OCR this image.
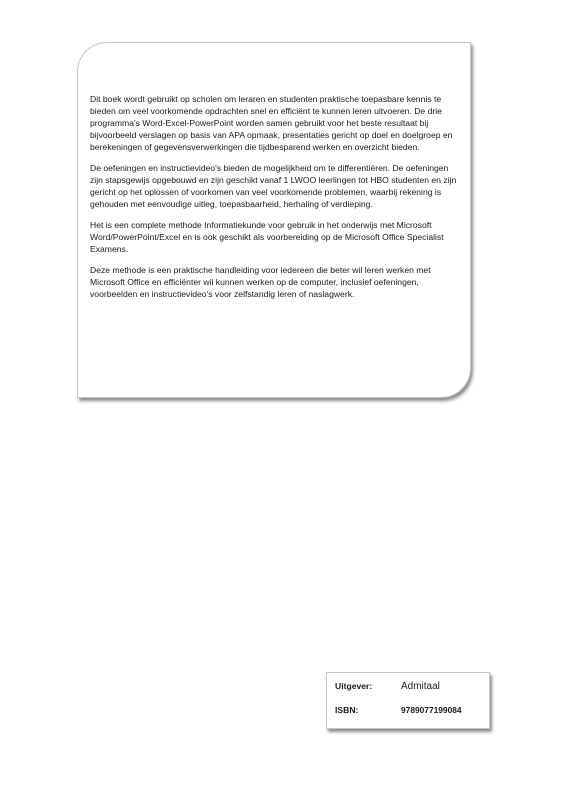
Dit boek wordt gebruikt op scholen om leraren en studenten praktische toepasbare kennis te bieden om veel voorkomende opdrachten snel en efficiënt te kunnen leren uitvoeren. De drie programma's Word-Excel-PowerPoint worden samen gebruikt voor het beste resultaat bij bijvoorbeeld verslagen op basis van APA opmaak, presentaties gericht op doel en doelgroep en berekeningen of gegevensverwerkingen die tijdbesparend werken en overzicht bieden.

De oefeningen en instructievideo's bieden de mogelijkheid om te differentiëren. De oefeningen zijn stapsgewijs opgebouwd en zijn geschikt vanaf 1 LWOO leerlingen tot HBO studenten en zijn gericht op het oplossen of voorkomen van veel voorkomende problemen, waarbij rekening is gehouden met eenvoudige uitleg, toepasbaarheid, herhaling of verdieping.

Het is een complete methode Informatiekunde voor gebruik in het onderwijs met Microsoft Word/PowerPoint/Excel en is ook geschikt als voorbereiding op de Microsoft Office Specialist Examens.

Deze methode is een praktische handleiding voor iedereen die beter wil leren werken met Microsoft Office en efficiënter wil kunnen werken op de computer, inclusief oefeningen, voorbeelden en instructievideo's voor zelfstandig leren of naslagwerk.

Uitgever:	Admitaal
ISBN:	9789077199084
